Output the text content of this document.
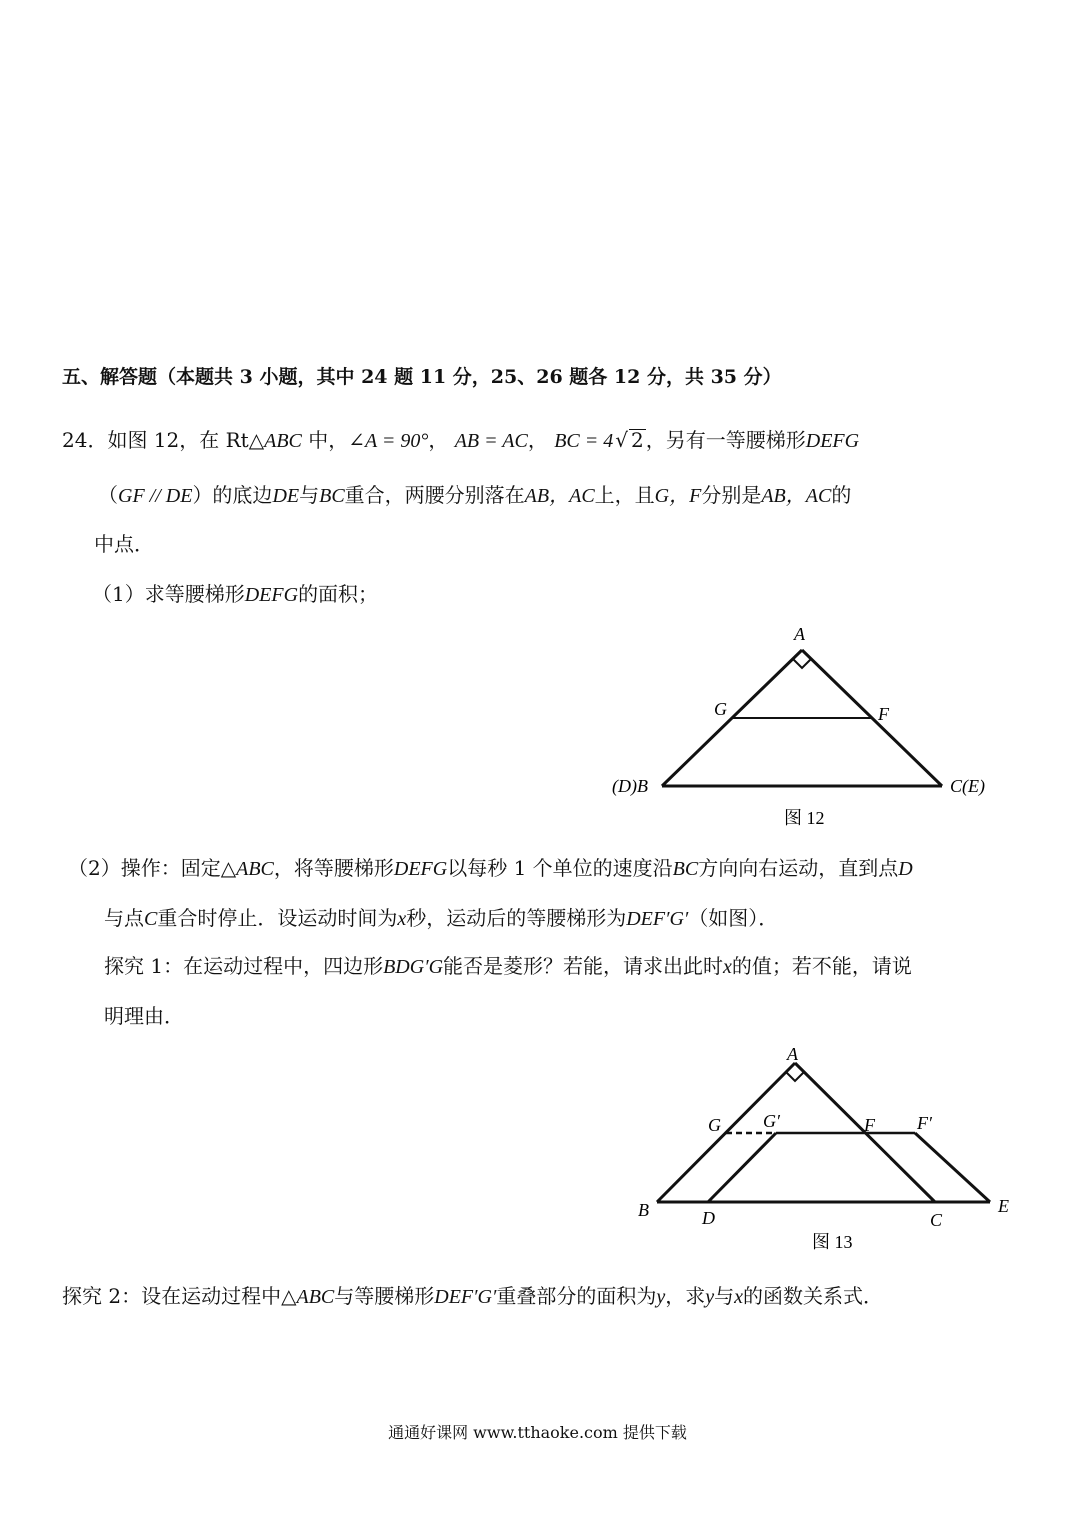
五、解答题（本题共 3 小题，其中 24 题 11 分，25、26 题各 12 分，共 35 分）
24．如图 12，在 Rt△ABC 中，∠A = 90°， AB = AC， BC = 4 √ 2 ，另有一等腰梯形DEFG
（GF // DE）的底边DE与BC重合，两腰分别落在AB，AC上，且G，F分别是AB，AC的
中点．
（1）求等腰梯形DEFG的面积；
A
G	F
(D)B	C(E)
图 12
（2）操作：固定△ABC，将等腰梯形DEFG以每秒 1 个单位的速度沿BC方向向右运动，直到点D
与点C重合时停止．设运动时间为x秒，运动后的等腰梯形为DEF′G′（如图）．
探究 1：在运动过程中，四边形BDG′G能否是菱形？若能，请求出此时x的值；若不能，请说
明理由．
A
G G′	F F′
B	D	C
E
图 13
探究 2：设在运动过程中△ABC与等腰梯形DEF′G′重叠部分的面积为y，求y与x的函数关系式．
通通好课网 www.tthaoke.com 提供下载
